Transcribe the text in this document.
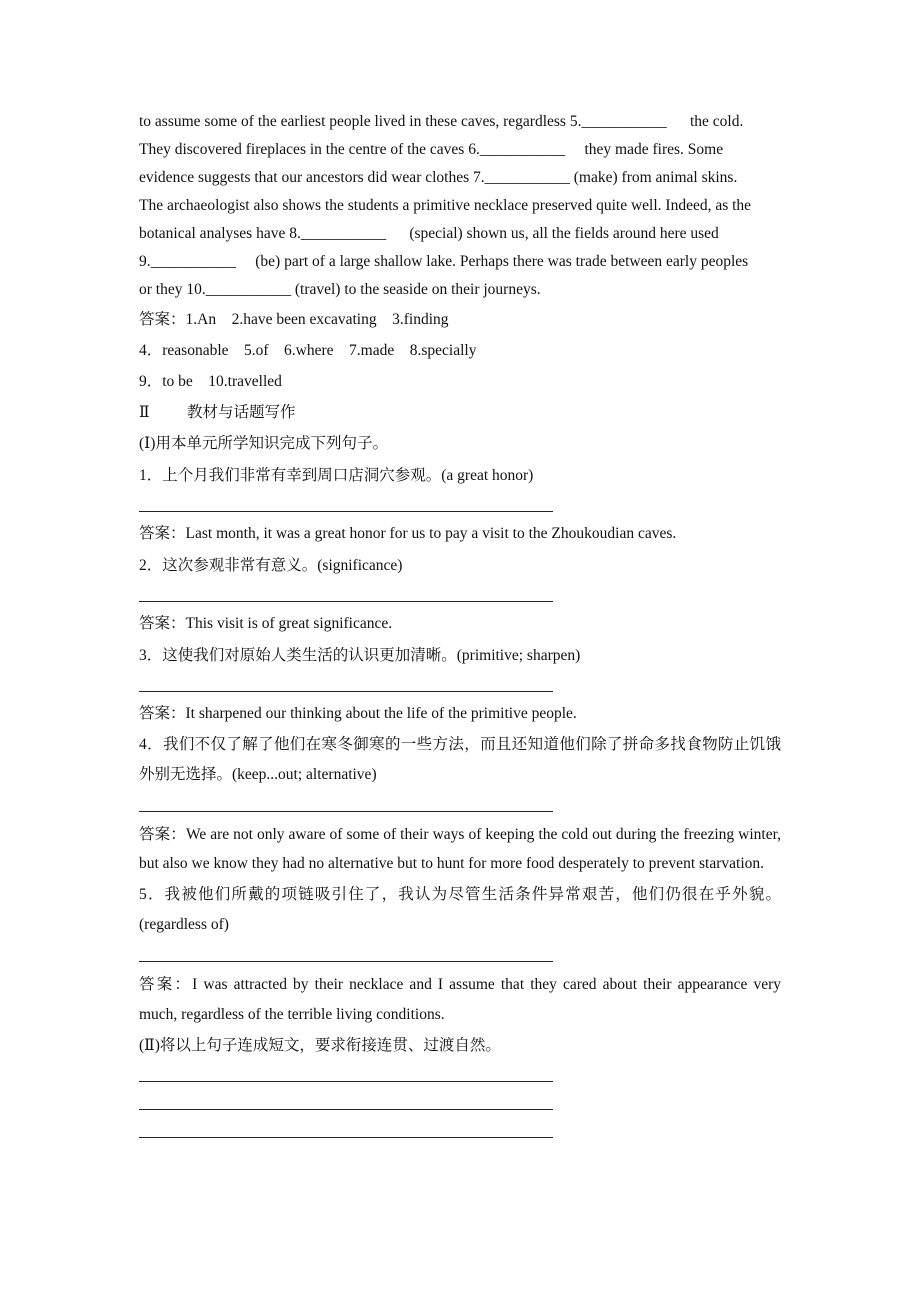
to assume some of the earliest people lived in these caves, regardless 5.___________ the cold.

They discovered fireplaces in the centre of the caves 6.___________ they made fires. Some

evidence suggests that our ancestors did wear clothes 7.___________ (make) from animal skins.

The archaeologist also shows the students a primitive necklace preserved quite well. Indeed, as the

botanical analyses have 8.___________ (special) shown us, all the fields around here used

9.___________ (be) part of a large shallow lake. Perhaps there was trade between early peoples

or they 10.___________ (travel) to the seaside on their journeys.

答案：1.An    2.have been excavating    3.finding

4．reasonable    5.of    6.where    7.made    8.specially

9．to be    10.travelled

Ⅱ 教材与话题写作

(Ⅰ)用本单元所学知识完成下列句子。

1．上个月我们非常有幸到周口店洞穴参观。(a great honor)

答案：Last month, it was a great honor for us to pay a visit to the Zhoukoudian caves.

2．这次参观非常有意义。(significance)

答案：This visit is of great significance.

3．这使我们对原始人类生活的认识更加清晰。(primitive; sharpen)

答案：It sharpened our thinking about the life of the primitive people.

4．我们不仅了解了他们在寒冬御寒的一些方法，而且还知道他们除了拼命多找食物防止饥饿外别无选择。(keep...out; alternative)

答案：We are not only aware of some of their ways of keeping the cold out during the freezing winter, but also we know they had no alternative but to hunt for more food desperately to prevent starvation.

5．我被他们所戴的项链吸引住了，我认为尽管生活条件异常艰苦，他们仍很在乎外貌。(regardless of)

答案：I was attracted by their necklace and I assume that they cared about their appearance very much, regardless of the terrible living conditions.

(Ⅱ)将以上句子连成短文，要求衔接连贯、过渡自然。
